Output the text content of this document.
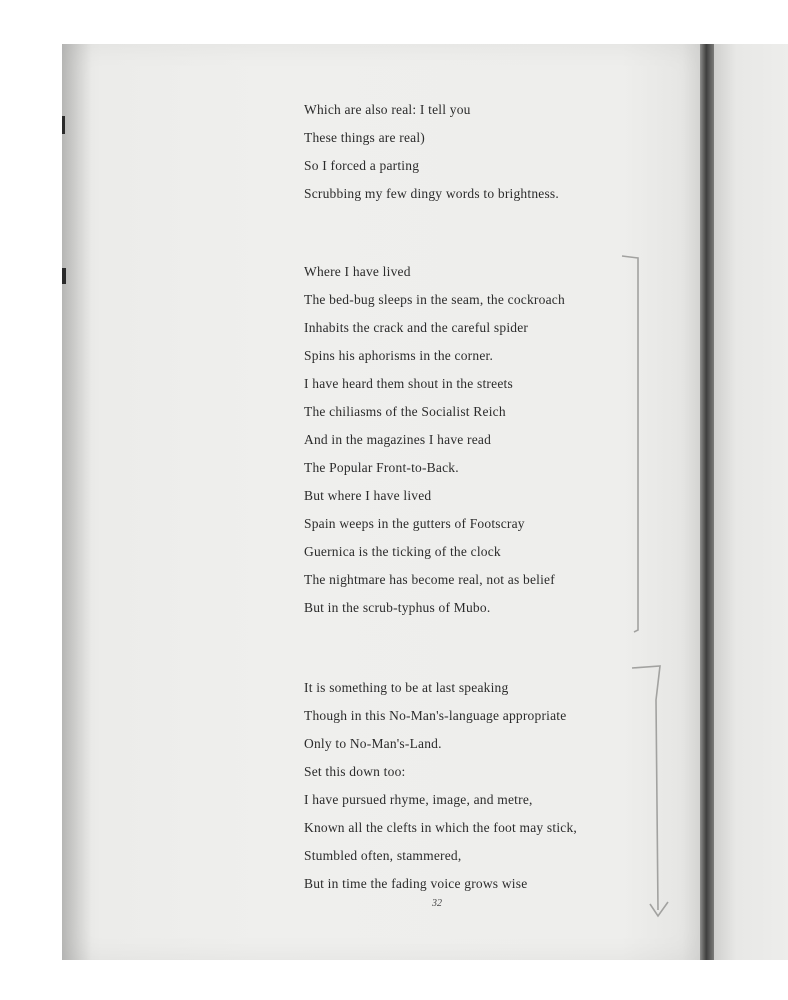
Which are also real: I tell you
These things are real)
So I forced a parting
Scrubbing my few dingy words to brightness.
Where I have lived
The bed-bug sleeps in the seam, the cockroach
Inhabits the crack and the careful spider
Spins his aphorisms in the corner.
I have heard them shout in the streets
The chiliasms of the Socialist Reich
And in the magazines I have read
The Popular Front-to-Back.
But where I have lived
Spain weeps in the gutters of Footscray
Guernica is the ticking of the clock
The nightmare has become real, not as belief
But in the scrub-typhus of Mubo.
It is something to be at last speaking
Though in this No-Man's-language appropriate
Only to No-Man's-Land.
Set this down too:
I have pursued rhyme, image, and metre,
Known all the clefts in which the foot may stick,
Stumbled often, stammered,
But in time the fading voice grows wise
32
